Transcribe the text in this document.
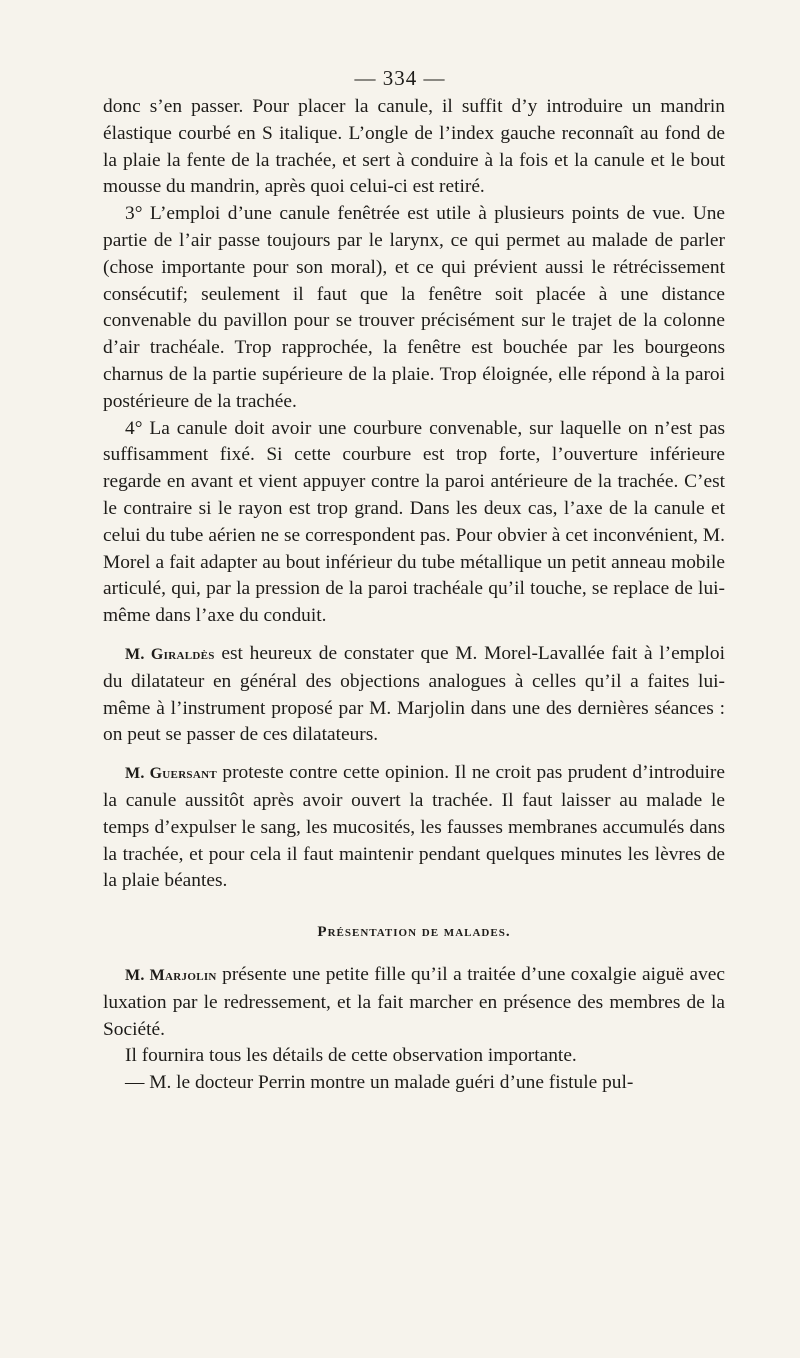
— 334 —

donc s’en passer. Pour placer la canule, il suffit d’y introduire un mandrin élastique courbé en S italique. L’ongle de l’index gauche reconnaît au fond de la plaie la fente de la trachée, et sert à conduire à la fois et la canule et le bout mousse du mandrin, après quoi celui-ci est retiré.

3° L’emploi d’une canule fenêtrée est utile à plusieurs points de vue. Une partie de l’air passe toujours par le larynx, ce qui permet au malade de parler (chose importante pour son moral), et ce qui prévient aussi le rétrécissement consécutif; seulement il faut que la fenêtre soit placée à une distance convenable du pavillon pour se trouver précisément sur le trajet de la colonne d’air trachéale. Trop rapprochée, la fenêtre est bouchée par les bourgeons charnus de la partie supérieure de la plaie. Trop éloignée, elle répond à la paroi postérieure de la trachée.

4° La canule doit avoir une courbure convenable, sur laquelle on n’est pas suffisamment fixé. Si cette courbure est trop forte, l’ouverture inférieure regarde en avant et vient appuyer contre la paroi antérieure de la trachée. C’est le contraire si le rayon est trop grand. Dans les deux cas, l’axe de la canule et celui du tube aérien ne se correspondent pas. Pour obvier à cet inconvénient, M. Morel a fait adapter au bout inférieur du tube métallique un petit anneau mobile articulé, qui, par la pression de la paroi trachéale qu’il touche, se replace de lui-même dans l’axe du conduit.

M. Giraldès est heureux de constater que M. Morel-Lavallée fait à l’emploi du dilatateur en général des objections analogues à celles qu’il a faites lui-même à l’instrument proposé par M. Marjolin dans une des dernières séances : on peut se passer de ces dilatateurs.

M. Guersant proteste contre cette opinion. Il ne croit pas prudent d’introduire la canule aussitôt après avoir ouvert la trachée. Il faut laisser au malade le temps d’expulser le sang, les mucosités, les fausses membranes accumulés dans la trachée, et pour cela il faut maintenir pendant quelques minutes les lèvres de la plaie béantes.

Présentation de malades.

M. Marjolin présente une petite fille qu’il a traitée d’une coxalgie aiguë avec luxation par le redressement, et la fait marcher en présence des membres de la Société.

Il fournira tous les détails de cette observation importante.

— M. le docteur Perrin montre un malade guéri d’une fistule pul-
